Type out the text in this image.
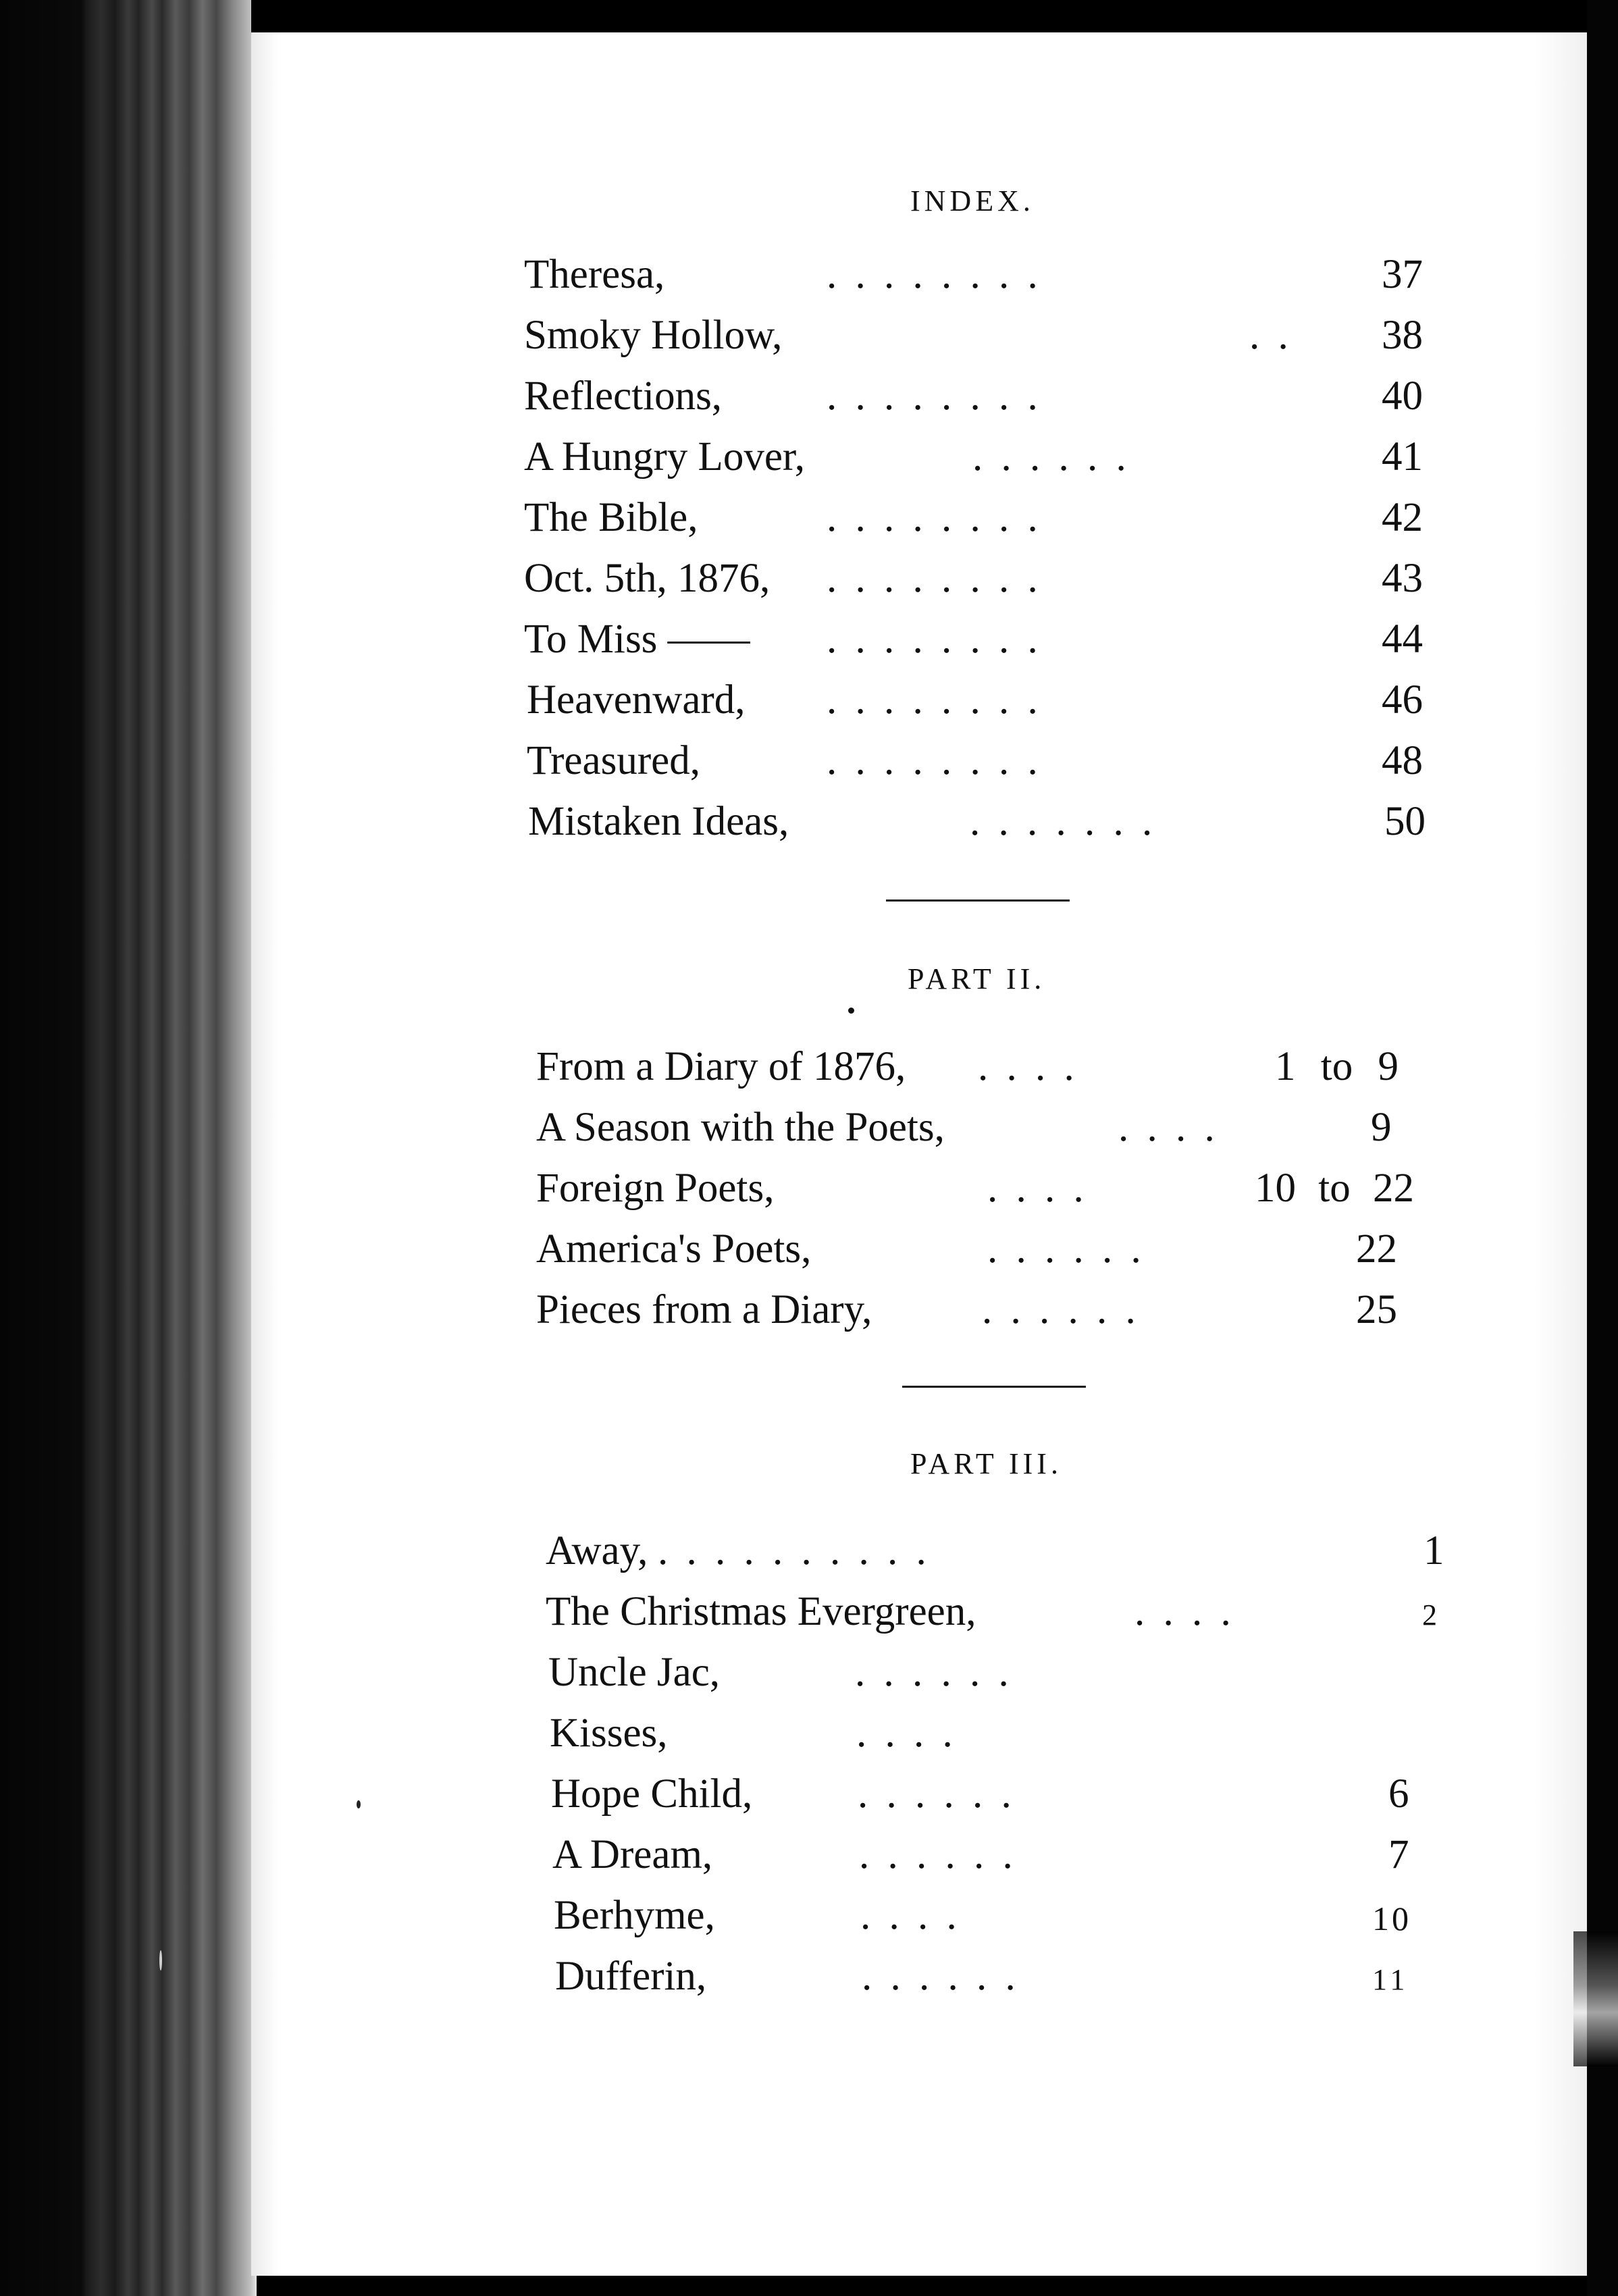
INDEX.
Theresa,	. . . . . . . .	37
Smoky Hollow,	. . 38
Reflections,	. . . . . . . .	40
A Hungry Lover,	. . . . . .	41
The Bible,	. . . . . . . .	42
Oct. 5th, 1876, . . . . . . . .	43
To Miss —— . . . . . . . .	44
Heavenward, . . . . . . . .	46
Treasured,	. . . . . . . .	48
Mistaken Ideas,	. . . . . . .	50
PART II.
From a Diary of 1876, . . . .	1 to 9
A Season with the Poets,	. . . .	9
Foreign Poets,	. . . .	10 to 22
America's Poets,	. . . . . .	22
Pieces from a Diary,	. . . . . .	25
PART III.
Away, . . . . . . . . . .	1
The Christmas Evergreen,	. . . .	2
Uncle Jac,	. . . . . .
Kisses,	. . . .
Hope Child,	. . . . . .	6
A Dream,	. . . . . .	7
Berhyme,	. . . .	10
Dufferin,	. . . . . .	11
